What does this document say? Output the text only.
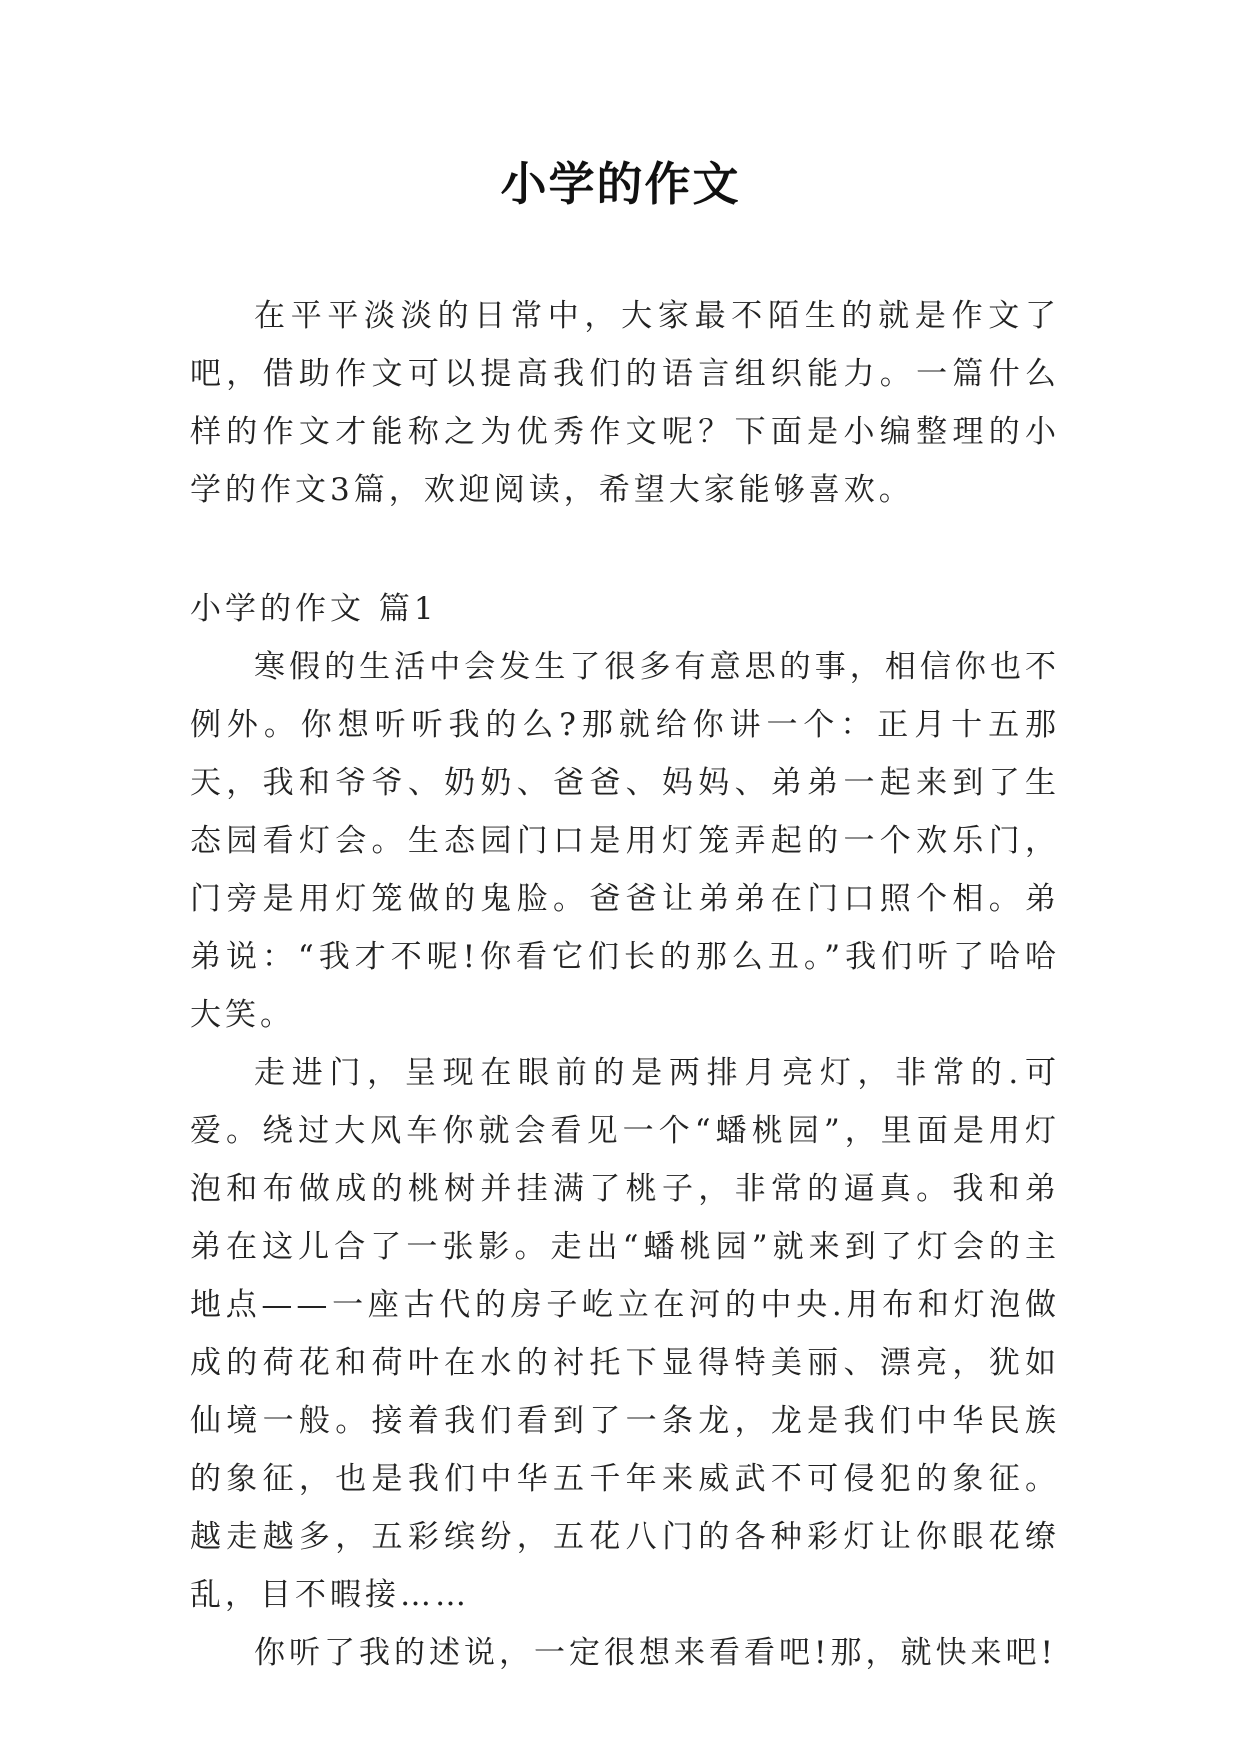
小学的作文

在平平淡淡的日常中，大家最不陌生的就是作文了吧，借助作文可以提高我们的语言组织能力。一篇什么样的作文才能称之为优秀作文呢？下面是小编整理的小学的作文3篇，欢迎阅读，希望大家能够喜欢。

小学的作文 篇1

寒假的生活中会发生了很多有意思的事，相信你也不例外。你想听听我的么?那就给你讲一个：正月十五那天，我和爷爷、奶奶、爸爸、妈妈、弟弟一起来到了生态园看灯会。生态园门口是用灯笼弄起的一个欢乐门，门旁是用灯笼做的鬼脸。爸爸让弟弟在门口照个相。弟弟说：“我才不呢!你看它们长的那么丑。”我们听了哈哈大笑。

走进门，呈现在眼前的是两排月亮灯，非常的.可爱。绕过大风车你就会看见一个“蟠桃园”，里面是用灯泡和布做成的桃树并挂满了桃子，非常的逼真。我和弟弟在这儿合了一张影。走出“蟠桃园”就来到了灯会的主地点——一座古代的房子屹立在河的中央.用布和灯泡做成的荷花和荷叶在水的衬托下显得特美丽、漂亮，犹如仙境一般。接着我们看到了一条龙，龙是我们中华民族的象征，也是我们中华五千年来威武不可侵犯的象征。越走越多，五彩缤纷，五花八门的各种彩灯让你眼花缭乱，目不暇接……

你听了我的述说，一定很想来看看吧!那，就快来吧!
